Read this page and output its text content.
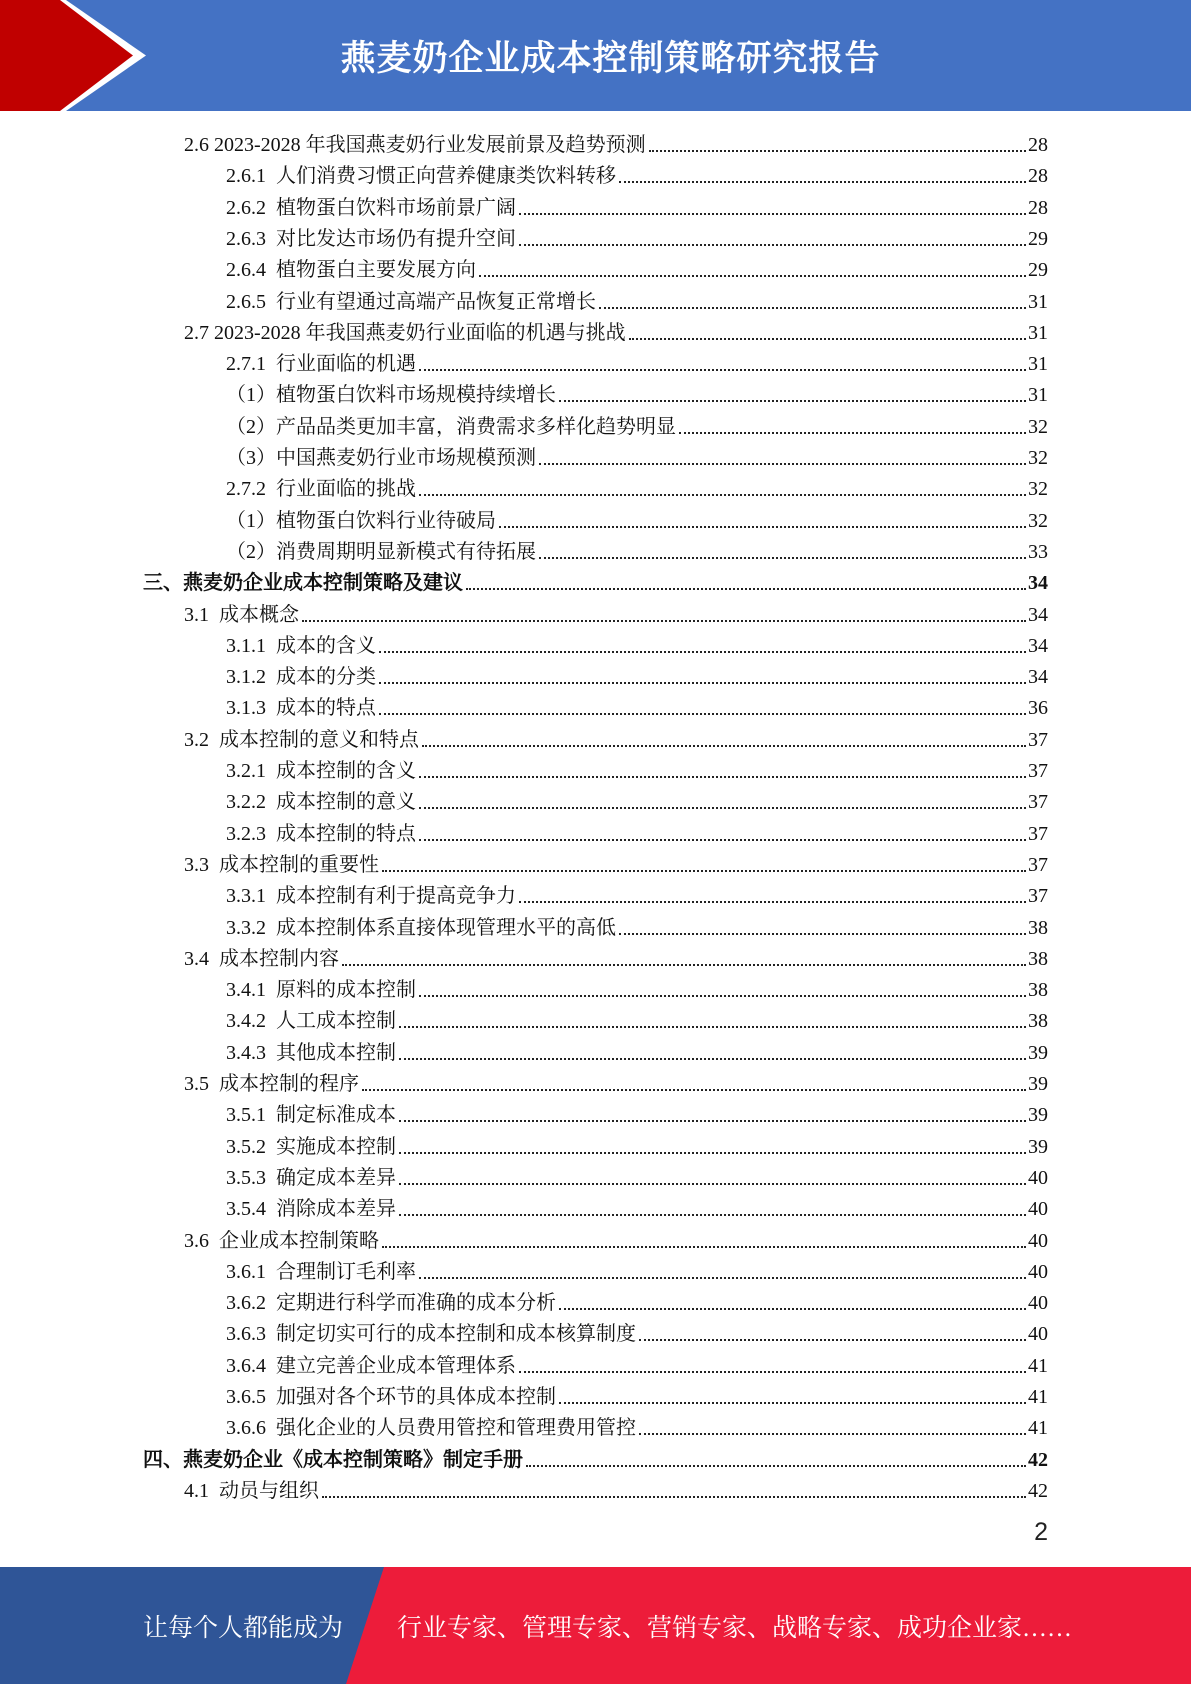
燕麦奶企业成本控制策略研究报告
2.6 2023-2028 年我国燕麦奶行业发展前景及趋势预测	28
2.6.1  人们消费习惯正向营养健康类饮料转移	28
2.6.2  植物蛋白饮料市场前景广阔	28
2.6.3  对比发达市场仍有提升空间	29
2.6.4  植物蛋白主要发展方向	29
2.6.5  行业有望通过高端产品恢复正常增长	31
2.7 2023-2028 年我国燕麦奶行业面临的机遇与挑战	31
2.7.1  行业面临的机遇	31
（1）植物蛋白饮料市场规模持续增长	31
（2）产品品类更加丰富，消费需求多样化趋势明显	32
（3）中国燕麦奶行业市场规模预测	32
2.7.2  行业面临的挑战	32
（1）植物蛋白饮料行业待破局	32
（2）消费周期明显新模式有待拓展	33
三、燕麦奶企业成本控制策略及建议	34
3.1  成本概念	34
3.1.1  成本的含义	34
3.1.2  成本的分类	34
3.1.3  成本的特点	36
3.2  成本控制的意义和特点	37
3.2.1  成本控制的含义	37
3.2.2  成本控制的意义	37
3.2.3  成本控制的特点	37
3.3  成本控制的重要性	37
3.3.1  成本控制有利于提高竞争力	37
3.3.2  成本控制体系直接体现管理水平的高低	38
3.4  成本控制内容	38
3.4.1  原料的成本控制	38
3.4.2  人工成本控制	38
3.4.3  其他成本控制	39
3.5  成本控制的程序	39
3.5.1  制定标准成本	39
3.5.2  实施成本控制	39
3.5.3  确定成本差异	40
3.5.4  消除成本差异	40
3.6  企业成本控制策略	40
3.6.1  合理制订毛利率	40
3.6.2  定期进行科学而准确的成本分析	40
3.6.3  制定切实可行的成本控制和成本核算制度	40
3.6.4  建立完善企业成本管理体系	41
3.6.5  加强对各个环节的具体成本控制	41
3.6.6  强化企业的人员费用管控和管理费用管控	41
四、燕麦奶企业《成本控制策略》制定手册	42
4.1  动员与组织	42
2
让每个人都能成为 行业专家、管理专家、营销专家、战略专家、成功企业家……
